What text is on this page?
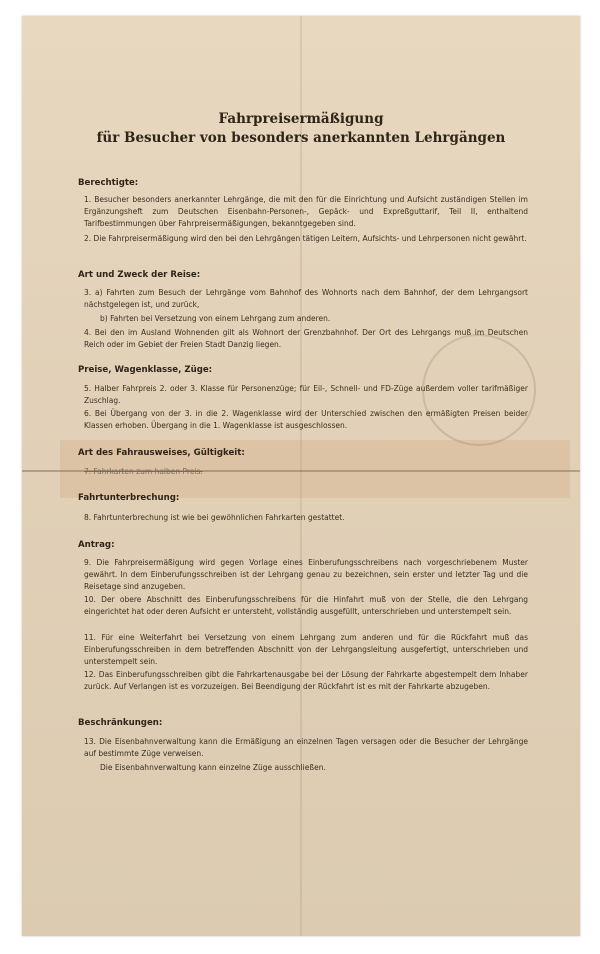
Fahrpreisermäßigung
für Besucher von besonders anerkannten Lehrgängen
Berechtigte:
1. Besucher besonders anerkannter Lehrgänge, die mit den für die Einrichtung und Aufsicht zuständigen Stellen im Ergänzungsheft zum Deutschen Eisenbahn-Personen-, Gepäck- und Expreßguttarif, Teil II, enthaltend Tarifbestimmungen über Fahrpreisermäßigungen, bekanntgegeben sind.
2. Die Fahrpreisermäßigung wird den bei den Lehrgängen tätigen Leitern, Aufsichts- und Lehrpersonen nicht gewährt.
Art und Zweck der Reise:
3. a) Fahrten zum Besuch der Lehrgänge vom Bahnhof des Wohnorts nach dem Bahnhof, der dem Lehrgangsort nächstgelegen ist, und zurück,
b) Fahrten bei Versetzung von einem Lehrgang zum anderen.
4. Bei den im Ausland Wohnenden gilt als Wohnort der Grenzbahnhof. Der Ort des Lehrgangs muß im Deutschen Reich oder im Gebiet der Freien Stadt Danzig liegen.
Preise, Wagenklasse, Züge:
5. Halber Fahrpreis 2. oder 3. Klasse für Personenzüge; für Eil-, Schnell- und FD-Züge außerdem voller tarifmäßiger Zuschlag.
6. Bei Übergang von der 3. in die 2. Wagenklasse wird der Unterschied zwischen den ermäßigten Preisen beider Klassen erhoben. Übergang in die 1. Wagenklasse ist ausgeschlossen.
Art des Fahrausweises, Gültigkeit:
7. Fahrkarten zum halben Preis.
Fahrtunterbrechung:
8. Fahrtunterbrechung ist wie bei gewöhnlichen Fahrkarten gestattet.
Antrag:
9. Die Fahrpreisermäßigung wird gegen Vorlage eines Einberufungsschreibens nach vorgeschriebenem Muster gewährt. In dem Einberufungsschreiben ist der Lehrgang genau zu bezeichnen, sein erster und letzter Tag und die Reisetage sind anzugeben.
10. Der obere Abschnitt des Einberufungsschreibens für die Hinfahrt muß von der Stelle, die den Lehrgang eingerichtet hat oder deren Aufsicht er untersteht, vollständig ausgefüllt, unterschrieben und unterstempelt sein.
11. Für eine Weiterfahrt bei Versetzung von einem Lehrgang zum anderen und für die Rückfahrt muß das Einberufungsschreiben in dem betreffenden Abschnitt von der Lehrgangsleitung ausgefertigt, unterschrieben und unterstempelt sein.
12. Das Einberufungsschreiben gibt die Fahrkartenausgabe bei der Lösung der Fahrkarte abgestempelt dem Inhaber zurück. Auf Verlangen ist es vorzuzeigen. Bei Beendigung der Rückfahrt ist es mit der Fahrkarte abzugeben.
Beschränkungen:
13. Die Eisenbahnverwaltung kann die Ermäßigung an einzelnen Tagen versagen oder die Besucher der Lehrgänge auf bestimmte Züge verweisen.
Die Eisenbahnverwaltung kann einzelne Züge ausschließen.
